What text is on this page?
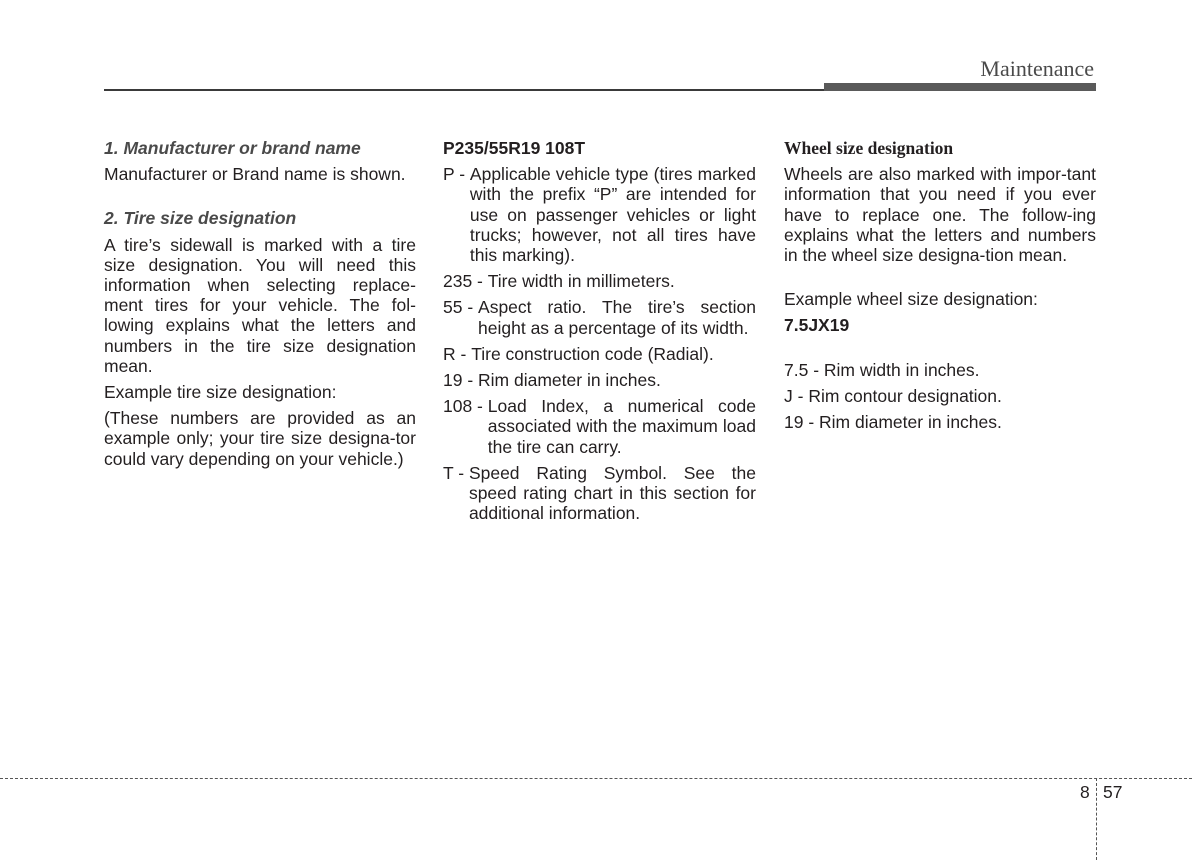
Maintenance

1. Manufacturer or brand name

Manufacturer or Brand name is shown.

2. Tire size designation

A tire’s sidewall is marked with a tire size designation. You will need this information when selecting replace-ment tires for your vehicle. The fol-lowing explains what the letters and numbers in the tire size designation mean.

Example tire size designation:

(These numbers are provided as an example only; your tire size designa-tor could vary depending on your vehicle.)

P235/55R19 108T

P - Applicable vehicle type (tires marked with the prefix “P” are intended for use on passenger vehicles or light trucks; however, not all tires have this marking).
235 - Tire width in millimeters.
55 - Aspect ratio. The tire’s section height as a percentage of its width.
R - Tire construction code (Radial).
19 - Rim diameter in inches.
108 - Load Index, a numerical code associated with the maximum load the tire can carry.
T - Speed Rating Symbol. See the speed rating chart in this section for additional information.

Wheel size designation

Wheels are also marked with impor-tant information that you need if you ever have to replace one. The follow-ing explains what the letters and numbers in the wheel size designa-tion mean.

Example wheel size designation:

7.5JX19

7.5 - Rim width in inches.
J - Rim contour designation.
19 - Rim diameter in inches.
8 57
